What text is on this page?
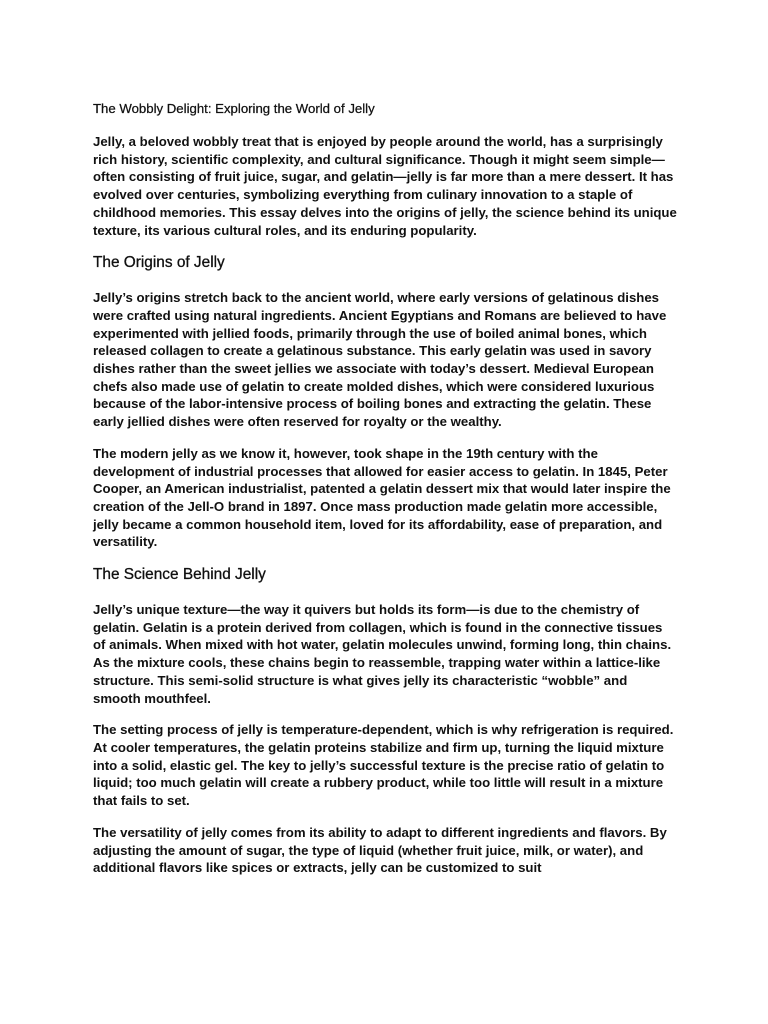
The Wobbly Delight: Exploring the World of Jelly

Jelly, a beloved wobbly treat that is enjoyed by people around the world, has a surprisingly rich history, scientific complexity, and cultural significance. Though it might seem simple—often consisting of fruit juice, sugar, and gelatin—jelly is far more than a mere dessert. It has evolved over centuries, symbolizing everything from culinary innovation to a staple of childhood memories. This essay delves into the origins of jelly, the science behind its unique texture, its various cultural roles, and its enduring popularity.

The Origins of Jelly

Jelly’s origins stretch back to the ancient world, where early versions of gelatinous dishes were crafted using natural ingredients. Ancient Egyptians and Romans are believed to have experimented with jellied foods, primarily through the use of boiled animal bones, which released collagen to create a gelatinous substance. This early gelatin was used in savory dishes rather than the sweet jellies we associate with today’s dessert. Medieval European chefs also made use of gelatin to create molded dishes, which were considered luxurious because of the labor-intensive process of boiling bones and extracting the gelatin. These early jellied dishes were often reserved for royalty or the wealthy.

The modern jelly as we know it, however, took shape in the 19th century with the development of industrial processes that allowed for easier access to gelatin. In 1845, Peter Cooper, an American industrialist, patented a gelatin dessert mix that would later inspire the creation of the Jell-O brand in 1897. Once mass production made gelatin more accessible, jelly became a common household item, loved for its affordability, ease of preparation, and versatility.

The Science Behind Jelly

Jelly’s unique texture—the way it quivers but holds its form—is due to the chemistry of gelatin. Gelatin is a protein derived from collagen, which is found in the connective tissues of animals. When mixed with hot water, gelatin molecules unwind, forming long, thin chains. As the mixture cools, these chains begin to reassemble, trapping water within a lattice-like structure. This semi-solid structure is what gives jelly its characteristic “wobble” and smooth mouthfeel.

The setting process of jelly is temperature-dependent, which is why refrigeration is required. At cooler temperatures, the gelatin proteins stabilize and firm up, turning the liquid mixture into a solid, elastic gel. The key to jelly’s successful texture is the precise ratio of gelatin to liquid; too much gelatin will create a rubbery product, while too little will result in a mixture that fails to set.

The versatility of jelly comes from its ability to adapt to different ingredients and flavors. By adjusting the amount of sugar, the type of liquid (whether fruit juice, milk, or water), and additional flavors like spices or extracts, jelly can be customized to suit
